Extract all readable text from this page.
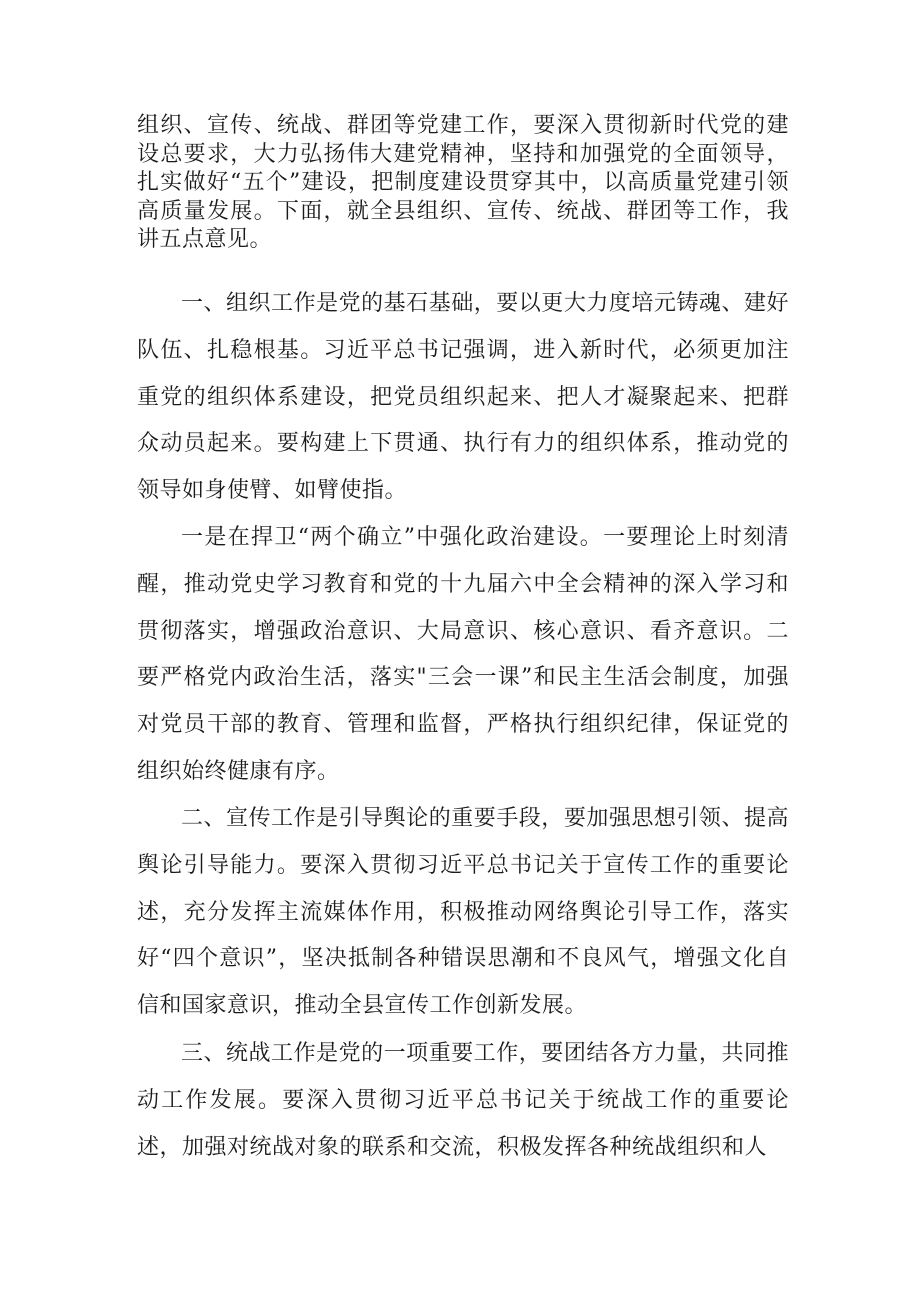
组织、宣传、统战、群团等党建工作，要深入贯彻新时代党的建设总要求，大力弘扬伟大建党精神，坚持和加强党的全面领导，扎实做好“五个”建设，把制度建设贯穿其中，以高质量党建引领高质量发展。下面，就全县组织、宣传、统战、群团等工作，我讲五点意见。

一、组织工作是党的基石基础，要以更大力度培元铸魂、建好队伍、扎稳根基。习近平总书记强调，进入新时代，必须更加注重党的组织体系建设，把党员组织起来、把人才凝聚起来、把群众动员起来。要构建上下贯通、执行有力的组织体系，推动党的领导如身使臂、如臂使指。

一是在捍卫“两个确立”中强化政治建设。一要理论上时刻清醒，推动党史学习教育和党的十九届六中全会精神的深入学习和贯彻落实，增强政治意识、大局意识、核心意识、看齐意识。二要严格党内政治生活，落实"三会一课”和民主生活会制度，加强对党员干部的教育、管理和监督，严格执行组织纪律，保证党的组织始终健康有序。

二、宣传工作是引导舆论的重要手段，要加强思想引领、提高舆论引导能力。要深入贯彻习近平总书记关于宣传工作的重要论述，充分发挥主流媒体作用，积极推动网络舆论引导工作，落实好“四个意识”，坚决抵制各种错误思潮和不良风气，增强文化自信和国家意识，推动全县宣传工作创新发展。

三、统战工作是党的一项重要工作，要团结各方力量，共同推动工作发展。要深入贯彻习近平总书记关于统战工作的重要论述，加强对统战对象的联系和交流，积极发挥各种统战组织和人
